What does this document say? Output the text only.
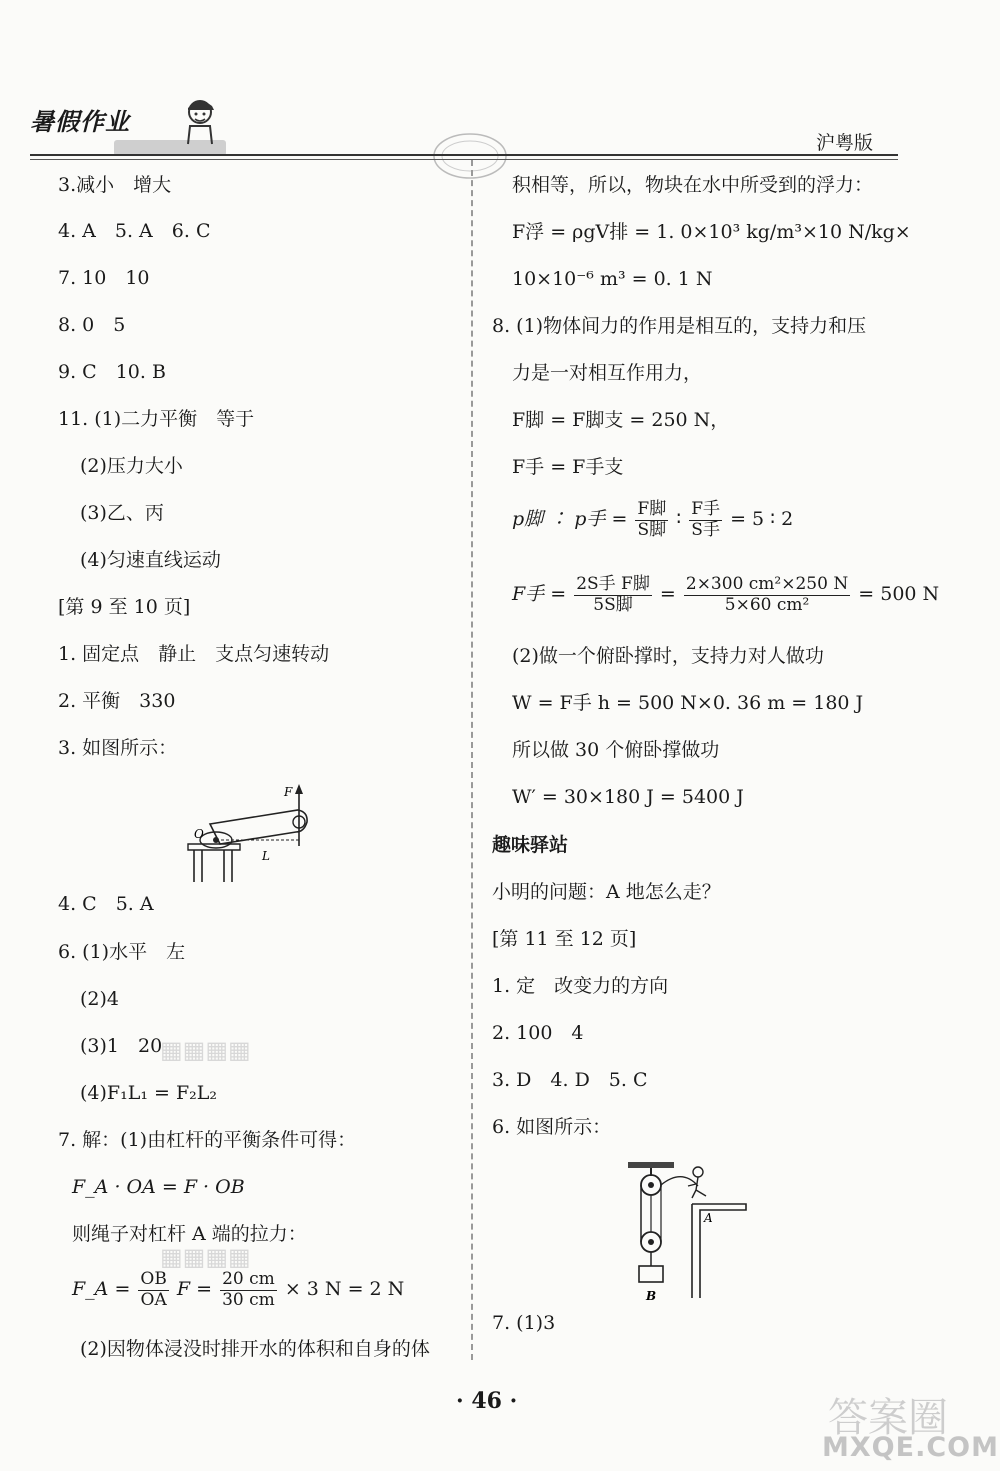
暑假作业
沪粤版
3.减小　增大
4. A　5. A　6. C
7. 10　10
8. 0　5
9. C　10. B
11. (1)二力平衡　等于
(2)压力大小
(3)乙、丙
(4)匀速直线运动
[第 9 至 10 页]
1. 固定点　静止　支点匀速转动
2. 平衡　330
3. 如图所示：
F
O
L
4. C　5. A
6. (1)水平　左
(2)4
(3)1　20
▦▦▦▦
(4)F₁L₁ = F₂L₂
7. 解：(1)由杠杆的平衡条件可得：
F_A · OA = F · OB
则绳子对杠杆 A 端的拉力：
▦▦▦▦
F_A = $\frac{OB}{OA}$ $F = \frac{20 cm}{30 cm} \times 3$ N = 2 N
(2)因物体浸没时排开水的体积和自身的体
积相等，所以，物块在水中所受到的浮力：
F浮 = ρgV排 = 1. 0×10³ kg/m³×10 N/kg×
10×10⁻⁶ m³ = 0. 1 N
8. (1)物体间力的作用是相互的，支持力和压
力是一对相互作用力，
F脚 = F脚支 = 250 N，
F手 = F手支
p脚 ∶ p手 = $\frac{\text{F脚}}{\text{S脚}}$ ∶ $\frac{\text{F手}}{\text{S手}} = 5$ ∶ 2
F手 = $\frac{\text{2S手 F脚}}{\text{5S脚}} = \frac{\text{2×300 cm²×250 N}}{\text{5×60 cm²}} = 500$ N
(2)做一个俯卧撑时，支持力对人做功
W = F手 h = 500 N×0. 36 m = 180 J
所以做 30 个俯卧撑做功
W′ = 30×180 J = 5400 J
趣味驿站
小明的问题：A 地怎么走？
[第 11 至 12 页]
1. 定　改变力的方向
2. 100　4
3. D　4. D　5. C
6. 如图所示：
B
A
7. (1)3
· 46 ·	答案圈
MXQE.COM
